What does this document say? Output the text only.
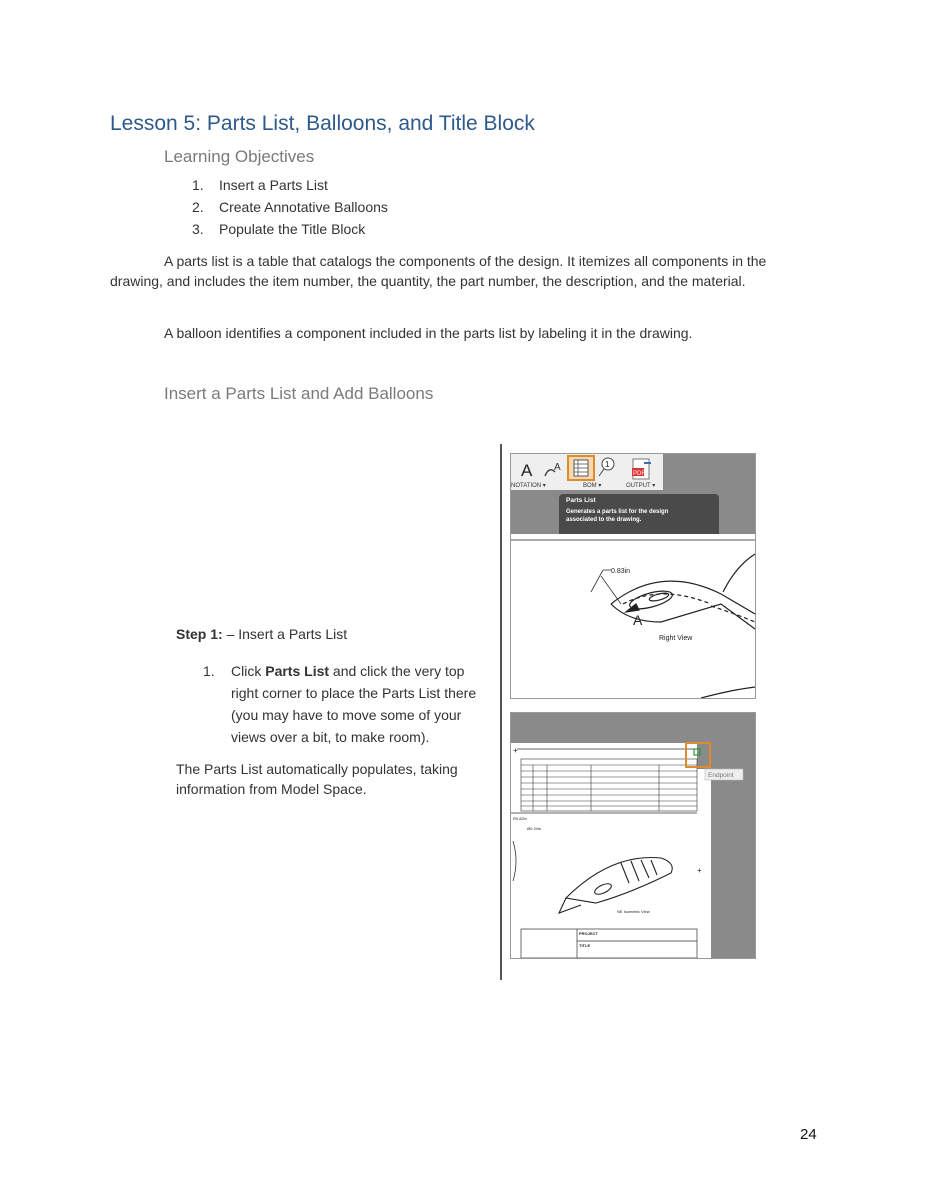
Lesson 5: Parts List, Balloons, and Title Block
Learning Objectives
1. Insert a Parts List
2. Create Annotative Balloons
3. Populate the Title Block

A parts list is a table that catalogs the components of the design. It itemizes all components in the drawing, and includes the item number, the quantity, the part number, the description, and the material.

A balloon identifies a component included in the parts list by labeling it in the drawing.

Insert a Parts List and Add Balloons
Step 1: – Insert a Parts List
1. Click Parts List and click the very top right corner to place the Parts List there (you may have to move some of your views over a bit, to make room).

The Parts List automatically populates, taking information from Model Space.

A A	1
PDF
NOTATION ▾	BOM ▾	OUTPUT ▾
Parts List
Generates a parts list for the design
associated to the drawing.
0.83in
A
Right View
+
Endpoint
R0.82in
Ø0.24in
NE Isometric View
+
PROJECT
TITLE
24
